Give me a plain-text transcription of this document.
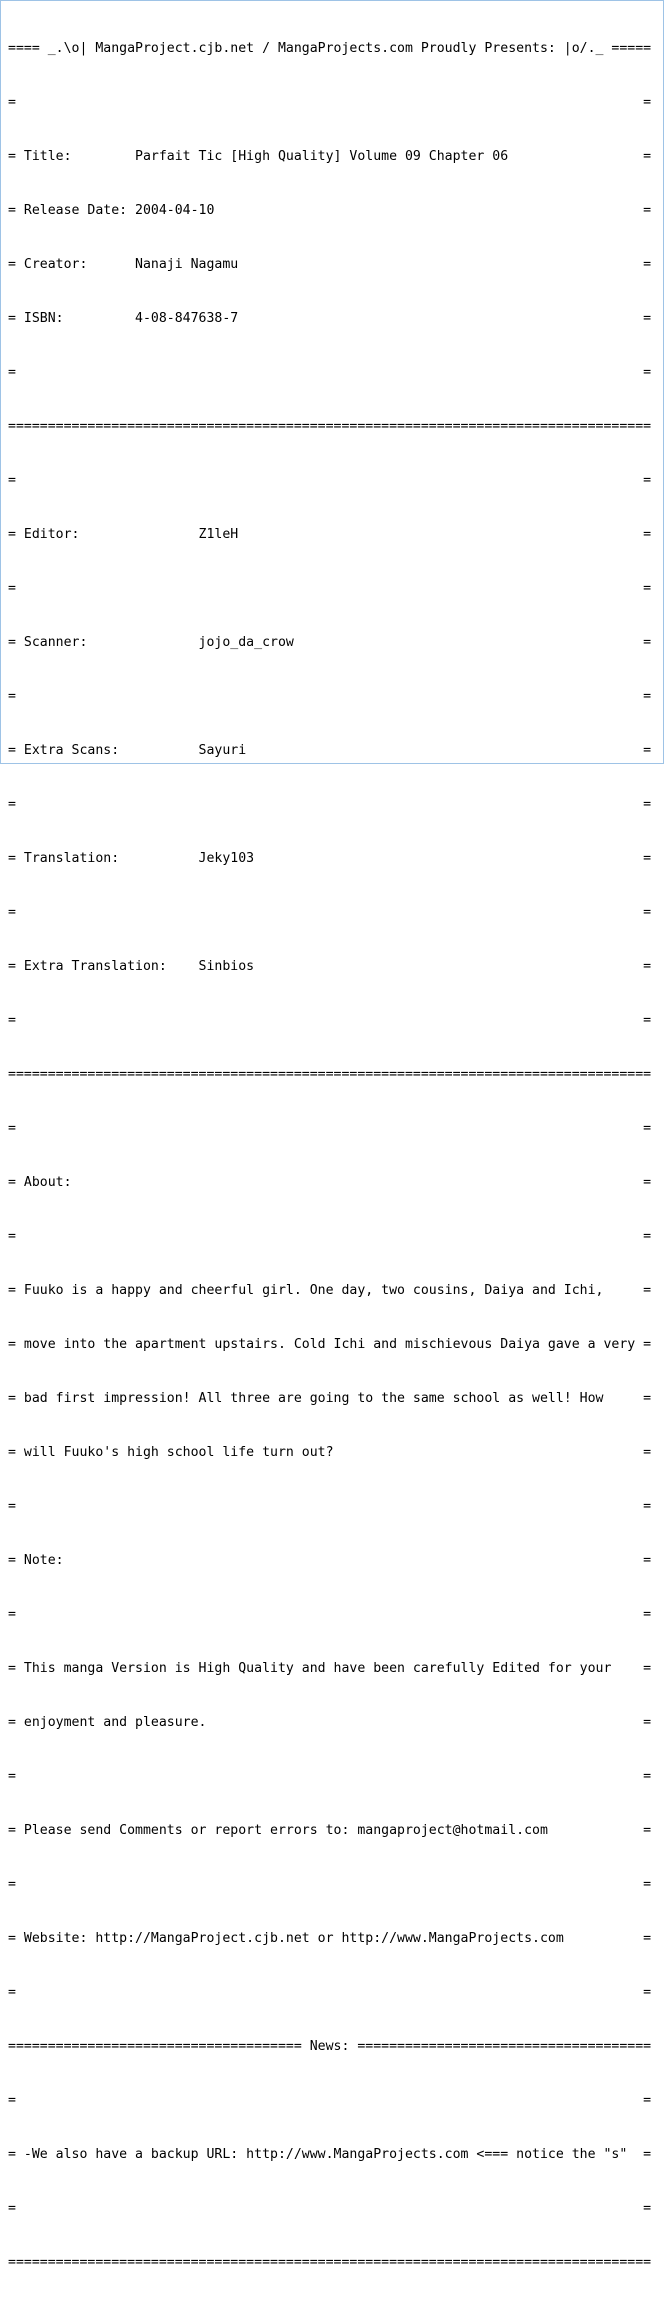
==== _.\o| MangaProject.cjb.net / MangaProjects.com Proudly Presents: |o/._ =====

=                                                                               =

= Title:        Parfait Tic [High Quality] Volume 09 Chapter 06                 =

= Release Date: 2004-04-10                                                      =

= Creator:      Nanaji Nagamu                                                   =

= ISBN:         4-08-847638-7                                                   =

=                                                                               =

=================================================================================

=                                                                               =

= Editor:               Z1leH                                                   =

=                                                                               =

= Scanner:              jojo_da_crow                                            =

=                                                                               =

= Extra Scans:          Sayuri                                                  =

=                                                                               =

= Translation:          Jeky103                                                 =

=                                                                               =

= Extra Translation:    Sinbios                                                 =

=                                                                               =

=================================================================================

=                                                                               =

= About:                                                                        =

=                                                                               =

= Fuuko is a happy and cheerful girl. One day, two cousins, Daiya and Ichi,     =

= move into the apartment upstairs. Cold Ichi and mischievous Daiya gave a very =

= bad first impression! All three are going to the same school as well! How     =

= will Fuuko's high school life turn out?                                       =

=                                                                               =

= Note:                                                                         =

=                                                                               =

= This manga Version is High Quality and have been carefully Edited for your    =

= enjoyment and pleasure.                                                       =

=                                                                               =

= Please send Comments or report errors to: mangaproject@hotmail.com            =

=                                                                               =

= Website: http://MangaProject.cjb.net or http://www.MangaProjects.com          =

=                                                                               =

===================================== News: =====================================

=                                                                               =

= -We also have a backup URL: http://www.MangaProjects.com <=== notice the "s"  =

=                                                                               =

=================================================================================
